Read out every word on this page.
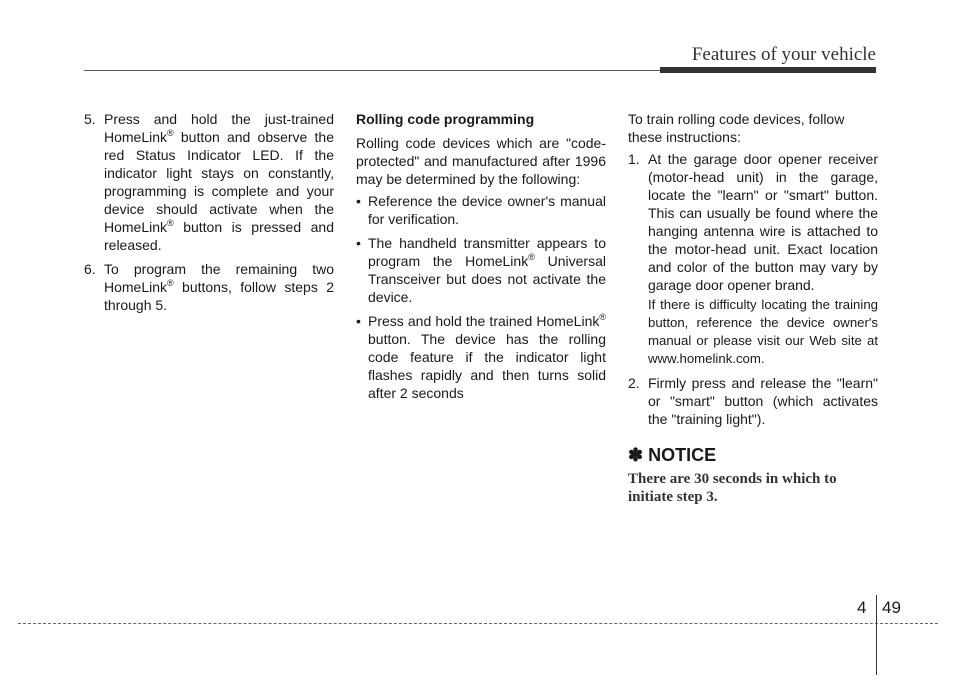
Features of your vehicle
5. Press and hold the just-trained HomeLink® button and observe the red Status Indicator LED. If the indicator light stays on constantly, programming is complete and your device should activate when the HomeLink® button is pressed and released.

6. To program the remaining two HomeLink® buttons, follow steps 2 through 5.

Rolling code programming

Rolling code devices which are "code-protected" and manufactured after 1996 may be determined by the following:

• Reference the device owner's manual for verification.

• The handheld transmitter appears to program the HomeLink® Universal Transceiver but does not activate the device.

• Press and hold the trained HomeLink® button. The device has the rolling code feature if the indicator light flashes rapidly and then turns solid after 2 seconds

To train rolling code devices, follow these instructions:

1. At the garage door opener receiver (motor-head unit) in the garage, locate the "learn" or "smart" button. This can usually be found where the hanging antenna wire is attached to the motor-head unit. Exact location and color of the button may vary by garage door opener brand.

If there is difficulty locating the training button, reference the device owner's manual or please visit our Web site at www.homelink.com.

2. Firmly press and release the "learn" or "smart" button (which activates the "training light").

✽ NOTICE

There are 30 seconds in which to initiate step 3.

4 49
